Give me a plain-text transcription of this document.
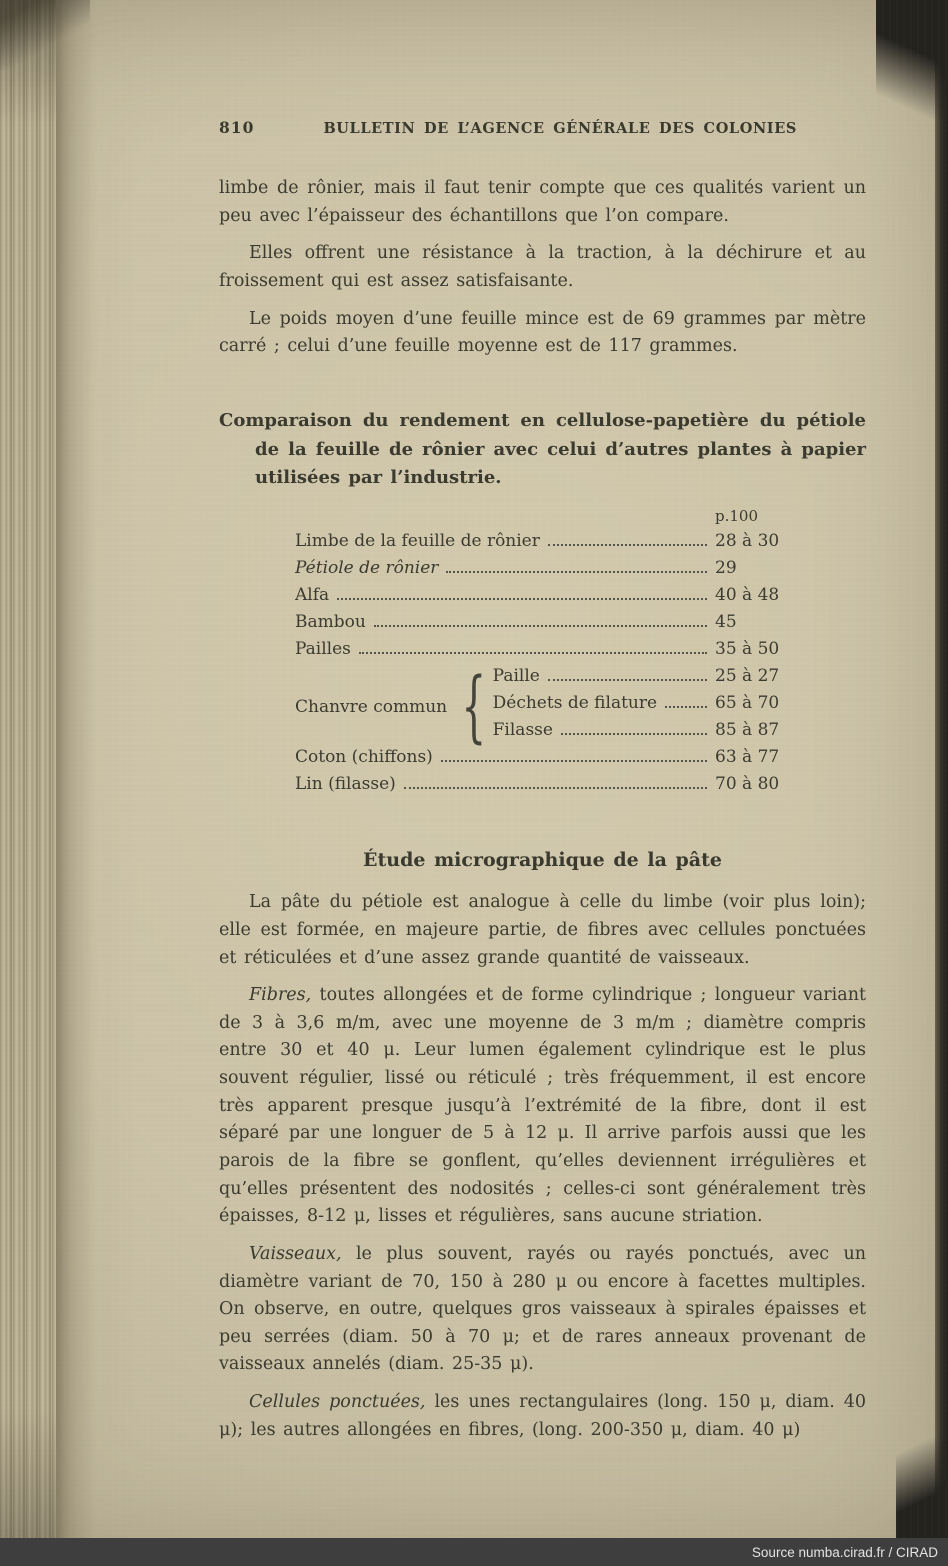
810	BULLETIN DE L’AGENCE GÉNÉRALE DES COLONIES

limbe de rônier, mais il faut tenir compte que ces qualités varient un peu avec l’épaisseur des échantillons que l’on compare.

Elles offrent une résistance à la traction, à la déchirure et au froissement qui est assez satisfaisante.

Le poids moyen d’une feuille mince est de 69 grammes par mètre carré ; celui d’une feuille moyenne est de 117 grammes.

Comparaison du rendement en cellulose-papetière du pétiole de la feuille de rônier avec celui d’autres plantes à papier utilisées par l’industrie.
p.100
Limbe de la feuille de rônier	28 à 30
Pétiole de rônier	29
Alfa	40 à 48
Bambou	45
Pailles	35 à 50
Chanvre commun { Paille	25 à 27
Déchets de filature	65 à 70
Filasse	85 à 87
Coton (chiffons)	63 à 77
Lin (filasse)	70 à 80
Étude micrographique de la pâte

La pâte du pétiole est analogue à celle du limbe (voir plus loin); elle est formée, en majeure partie, de fibres avec cellules ponctuées et réticulées et d’une assez grande quantité de vaisseaux.

Fibres, toutes allongées et de forme cylindrique ; longueur variant de 3 à 3,6 m/m, avec une moyenne de 3 m/m ; diamètre compris entre 30 et 40 μ. Leur lumen également cylindrique est le plus souvent régulier, lissé ou réticulé ; très fréquemment, il est encore très apparent presque jusqu’à l’extrémité de la fibre, dont il est séparé par une longuer de 5 à 12 μ. Il arrive parfois aussi que les parois de la fibre se gonflent, qu’elles deviennent irrégulières et qu’elles présentent des nodosités ; celles-ci sont généralement très épaisses, 8-12 μ, lisses et régulières, sans aucune striation.

Vaisseaux, le plus souvent, rayés ou rayés ponctués, avec un diamètre variant de 70, 150 à 280 μ ou encore à facettes multiples. On observe, en outre, quelques gros vaisseaux à spirales épaisses et peu serrées (diam. 50 à 70 μ; et de rares anneaux provenant de vaisseaux annelés (diam. 25-35 μ).

Cellules ponctuées, les unes rectangulaires (long. 150 μ, diam. 40 μ); les autres allongées en fibres, (long. 200-350 μ, diam. 40 μ)

Source numba.cirad.fr / CIRAD
